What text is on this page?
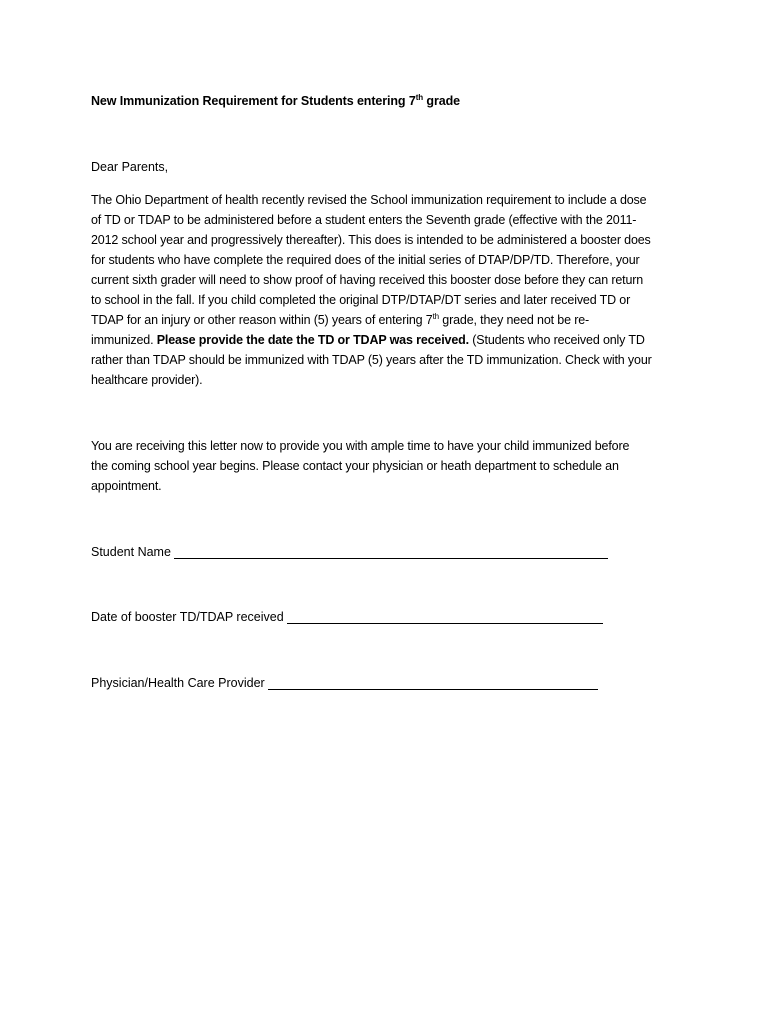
New Immunization Requirement for Students entering 7th grade
Dear Parents,
The Ohio Department of health recently revised the School immunization requirement to include a dose
of TD or TDAP to be administered before a student enters the Seventh grade (effective with the 2011-
2012 school year and progressively thereafter). This does is intended to be administered a booster does
for students who have complete the required does of the initial series of DTAP/DP/TD. Therefore, your
current sixth grader will need to show proof of having received this booster dose before they can return
to school in the fall. If you child completed the original DTP/DTAP/DT series and later received TD or
TDAP for an injury or other reason within (5) years of entering 7th grade, they need not be re-
immunized. Please provide the date the TD or TDAP was received. (Students who received only TD
rather than TDAP should be immunized with TDAP (5) years after the TD immunization. Check with your
healthcare provider).
You are receiving this letter now to provide you with ample time to have your child immunized before
the coming school year begins. Please contact your physician or heath department to schedule an
appointment.
Student Name
Date of booster TD/TDAP received
Physician/Health Care Provider
